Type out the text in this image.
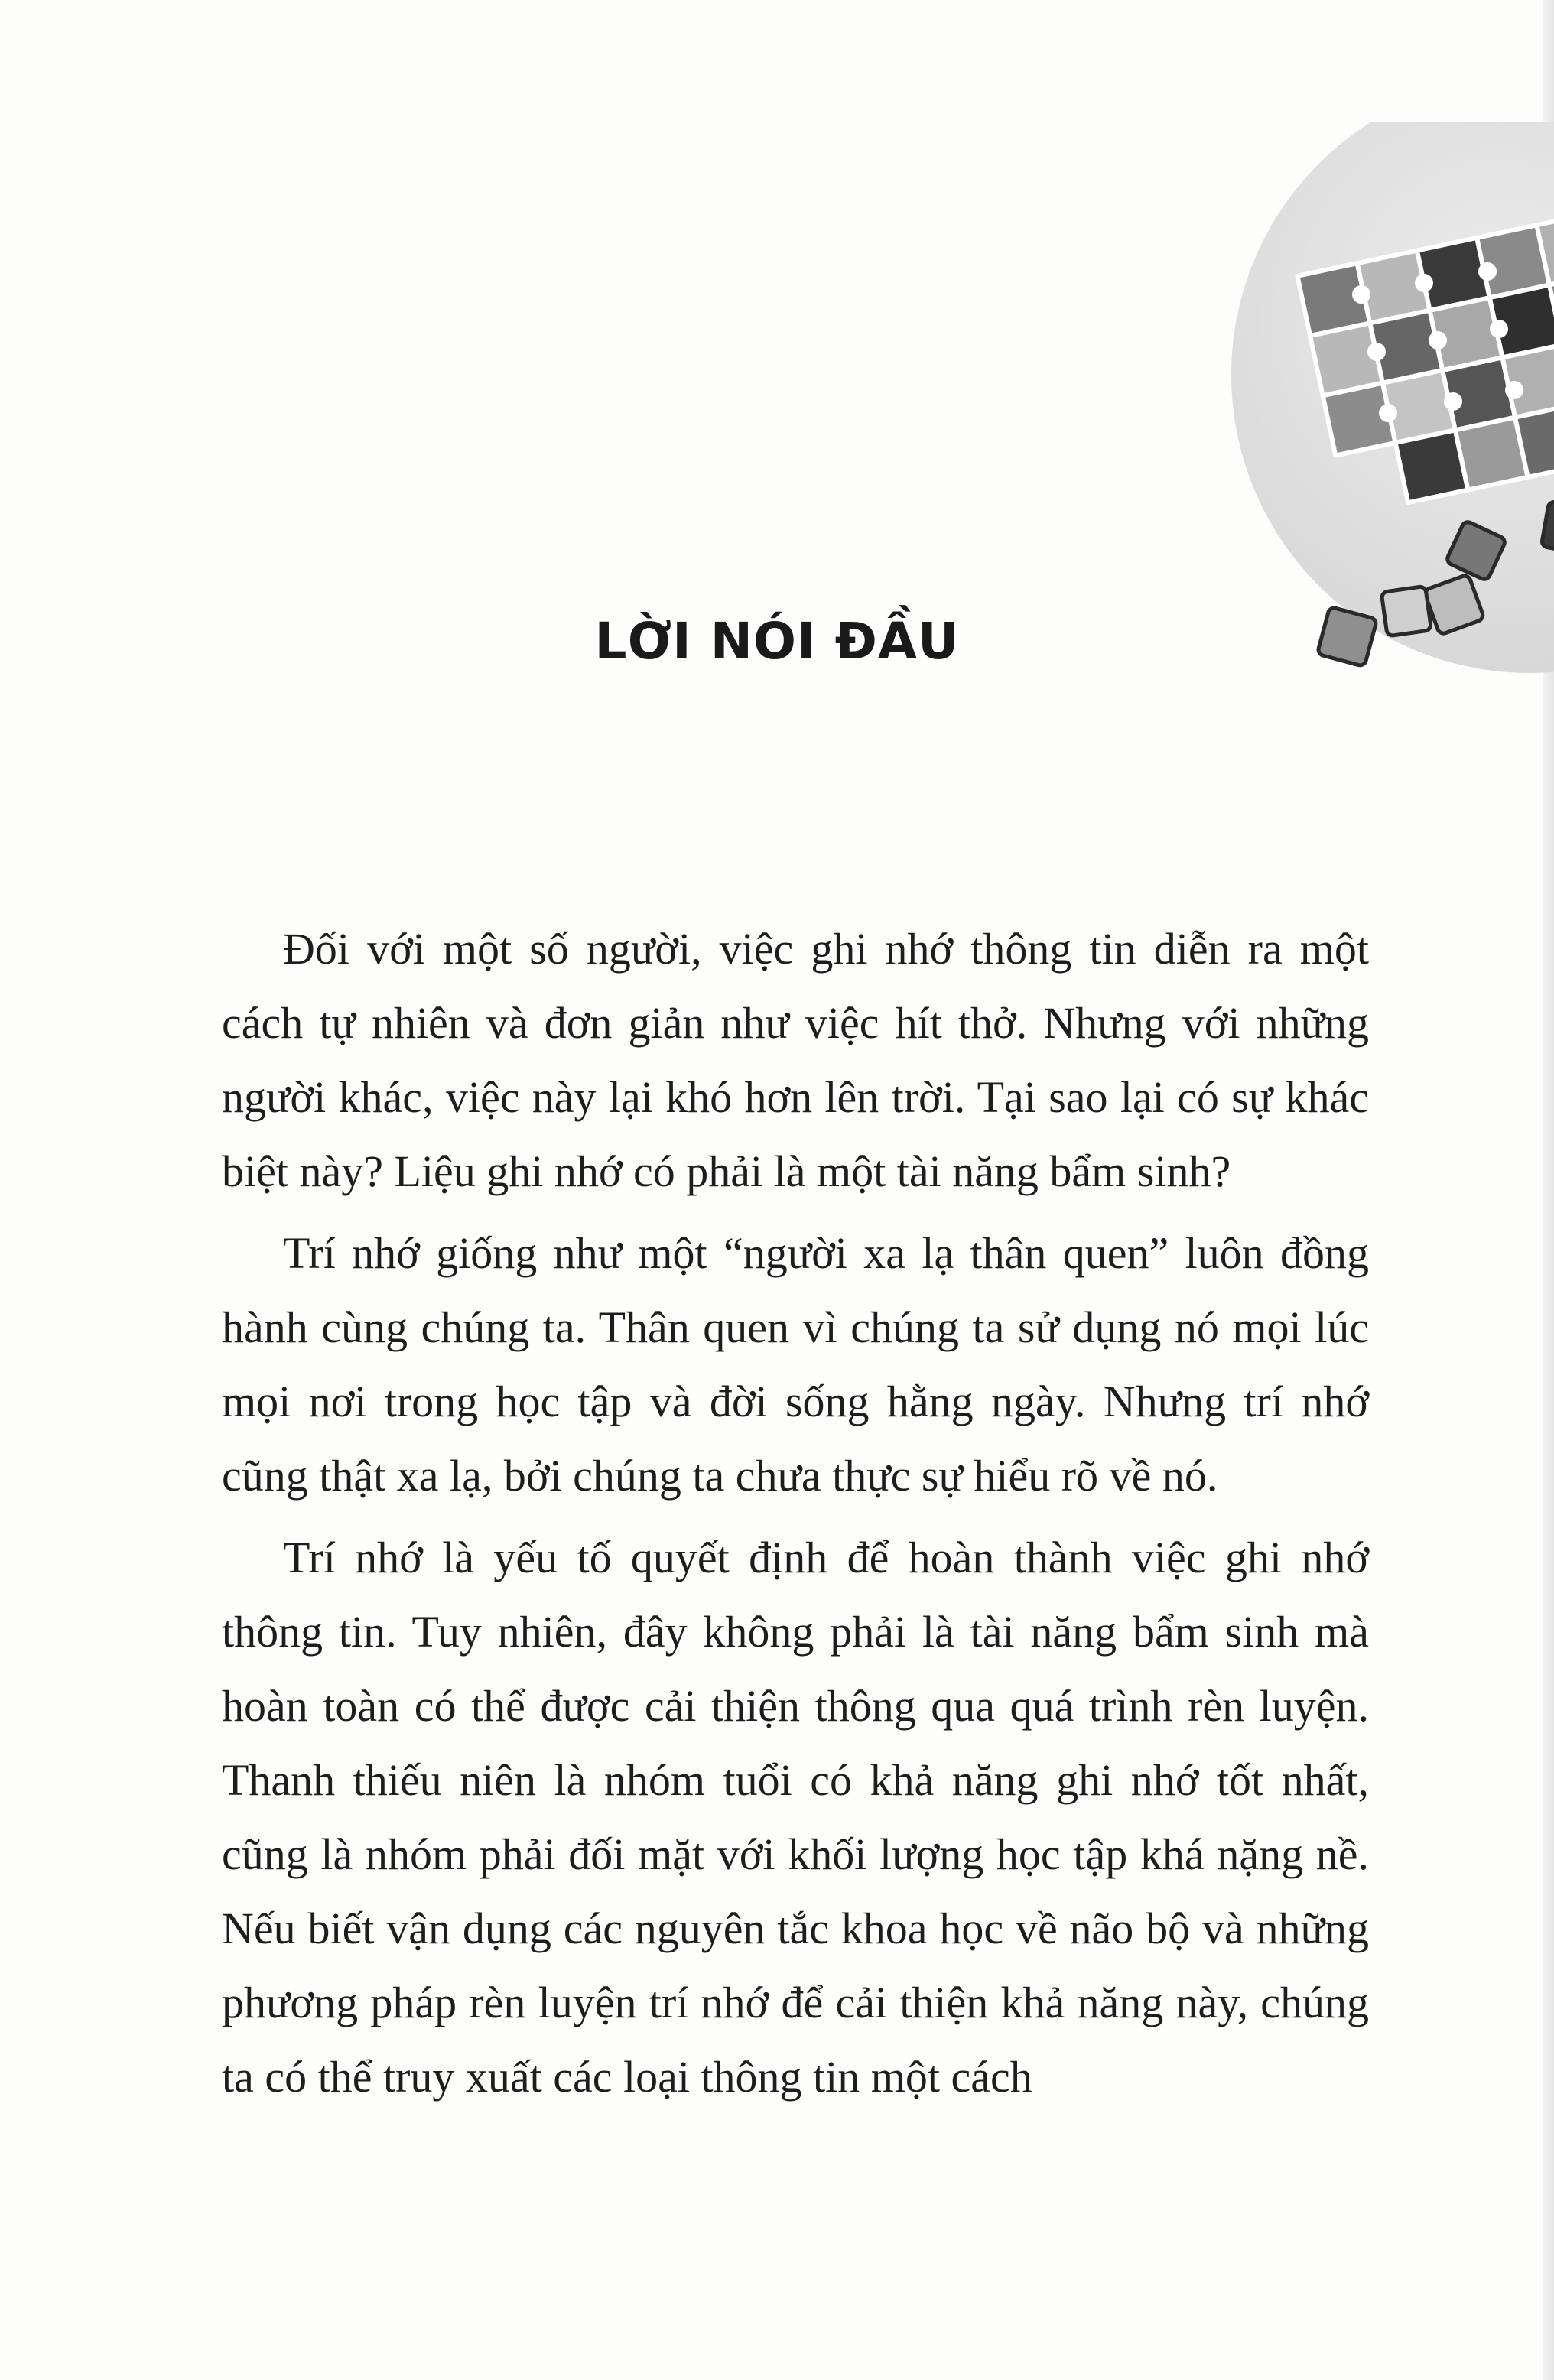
LỜI NÓI ĐẦU

Đối với một số người, việc ghi nhớ thông tin diễn ra một cách tự nhiên và đơn giản như việc hít thở. Nhưng với những người khác, việc này lại khó hơn lên trời. Tại sao lại có sự khác biệt này? Liệu ghi nhớ có phải là một tài năng bẩm sinh?

Trí nhớ giống như một “người xa lạ thân quen” luôn đồng hành cùng chúng ta. Thân quen vì chúng ta sử dụng nó mọi lúc mọi nơi trong học tập và đời sống hằng ngày. Nhưng trí nhớ cũng thật xa lạ, bởi chúng ta chưa thực sự hiểu rõ về nó.

Trí nhớ là yếu tố quyết định để hoàn thành việc ghi nhớ thông tin. Tuy nhiên, đây không phải là tài năng bẩm sinh mà hoàn toàn có thể được cải thiện thông qua quá trình rèn luyện. Thanh thiếu niên là nhóm tuổi có khả năng ghi nhớ tốt nhất, cũng là nhóm phải đối mặt với khối lượng học tập khá nặng nề. Nếu biết vận dụng các nguyên tắc khoa học về não bộ và những phương pháp rèn luyện trí nhớ để cải thiện khả năng này, chúng ta có thể truy xuất các loại thông tin một cách
